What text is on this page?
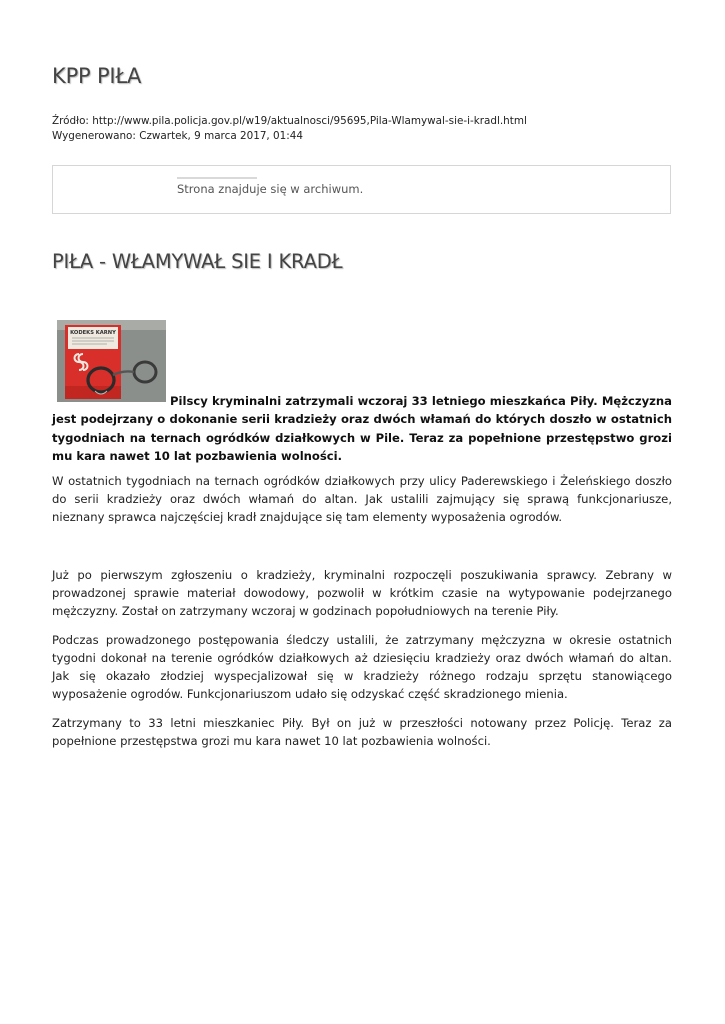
KPP PIŁA
Źródło: http://www.pila.policja.gov.pl/w19/aktualnosci/95695,Pila-Wlamywal-sie-i-kradl.html
Wygenerowano: Czwartek, 9 marca 2017, 01:44
Strona znajduje się w archiwum.
PIŁA - WŁAMYWAŁ SIE I KRADŁ
KODEKS KARNY

Pilscy kryminalni zatrzymali wczoraj 33 letniego mieszkańca Piły. Mężczyzna jest podejrzany o dokonanie serii kradzieży oraz dwóch włamań do których doszło w ostatnich tygodniach na ternach ogródków działkowych w Pile. Teraz za popełnione przestępstwo grozi mu kara nawet 10 lat pozbawienia wolności.

W ostatnich tygodniach na ternach ogródków działkowych przy ulicy Paderewskiego i Żeleńskiego doszło do serii kradzieży oraz dwóch włamań do altan. Jak ustalili zajmujący się sprawą funkcjonariusze, nieznany sprawca najczęściej kradł znajdujące się tam elementy wyposażenia ogrodów.

Już po pierwszym zgłoszeniu o kradzieży, kryminalni rozpoczęli poszukiwania sprawcy. Zebrany w prowadzonej sprawie materiał dowodowy, pozwolił w krótkim czasie na wytypowanie podejrzanego mężczyzny. Został on zatrzymany wczoraj w godzinach popołudniowych na terenie Piły.

Podczas prowadzonego postępowania śledczy ustalili, że zatrzymany mężczyzna w okresie ostatnich tygodni dokonał na terenie ogródków działkowych aż dziesięciu kradzieży oraz dwóch włamań do altan. Jak się okazało złodziej wyspecjalizował się w kradzieży różnego rodzaju sprzętu stanowiącego wyposażenie ogrodów. Funkcjonariuszom udało się odzyskać część skradzionego mienia.

Zatrzymany to 33 letni mieszkaniec Piły. Był on już w przeszłości notowany przez Policję. Teraz za popełnione przestępstwa grozi mu kara nawet 10 lat pozbawienia wolności.
